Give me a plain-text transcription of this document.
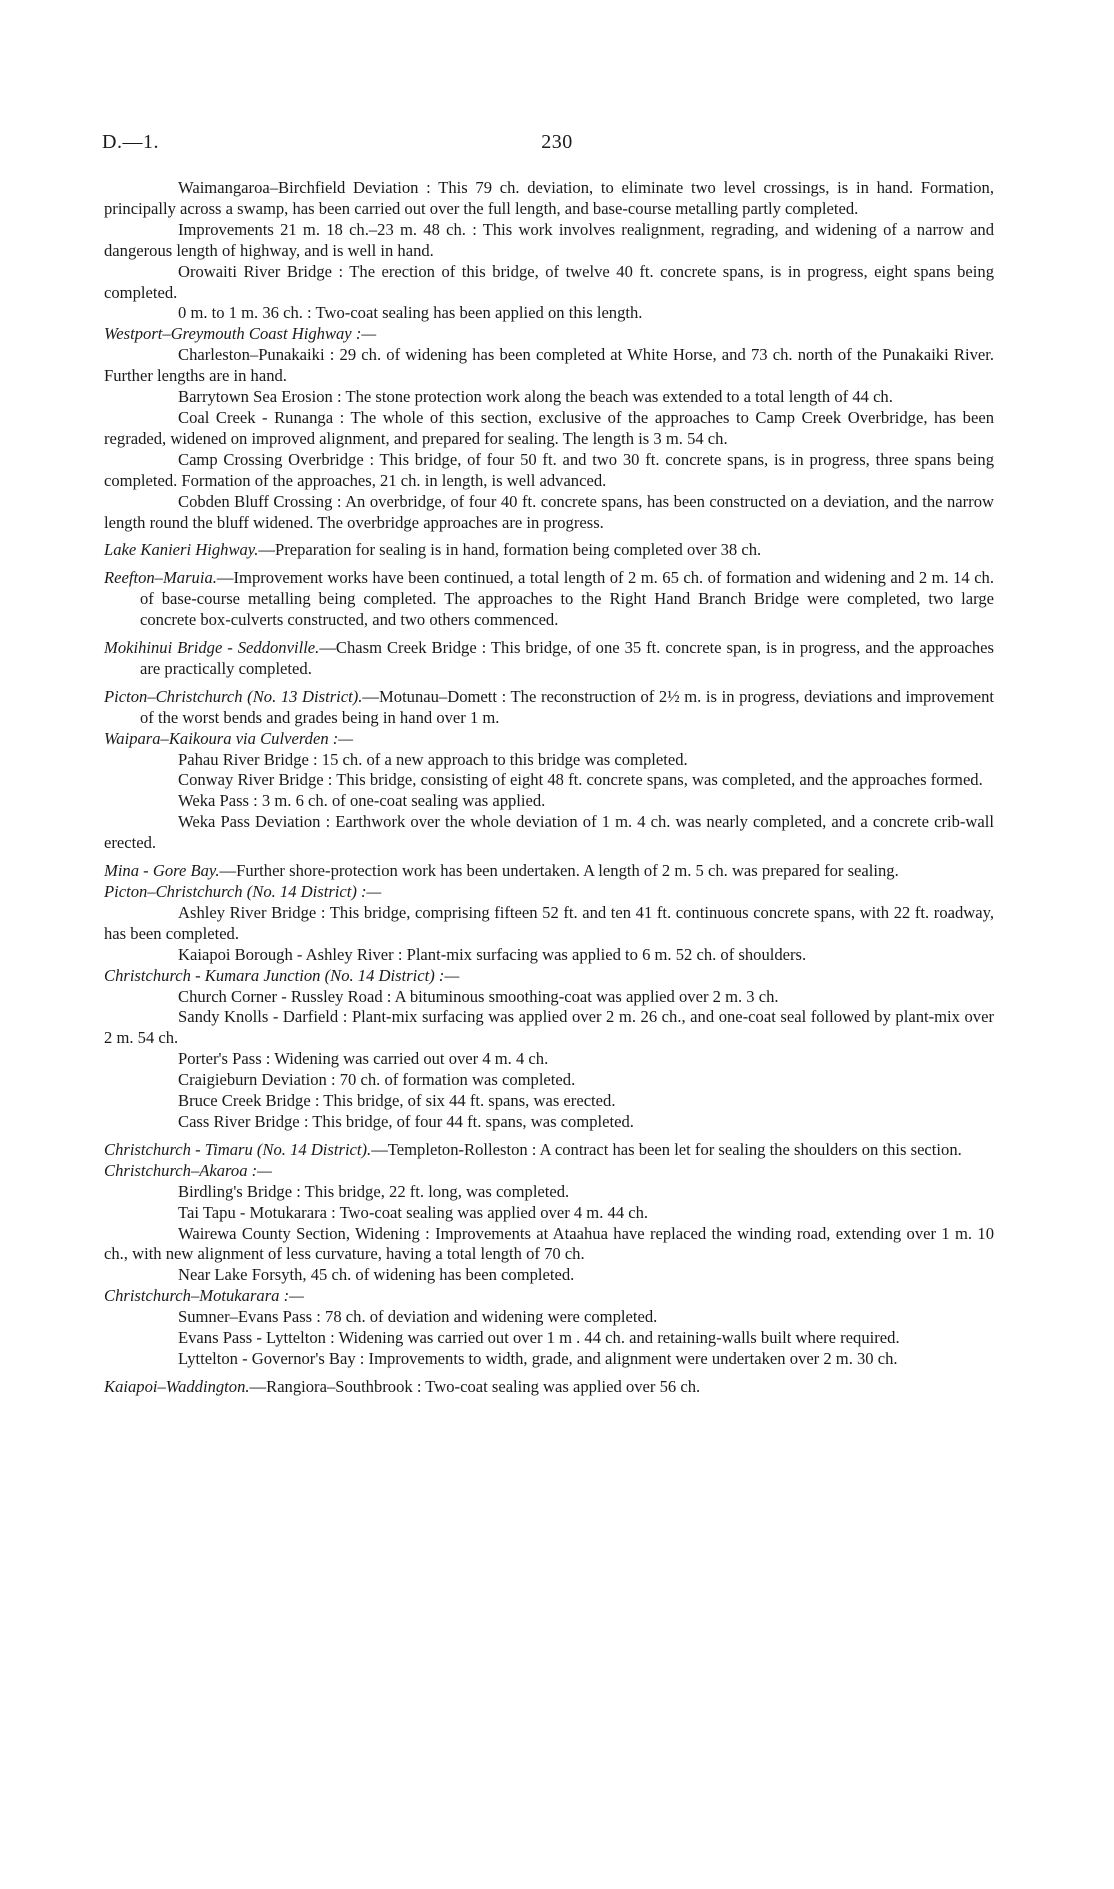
D.—1.	230

Waimangaroa–Birchfield Deviation : This 79 ch. deviation, to eliminate two level crossings, is in hand. Formation, principally across a swamp, has been carried out over the full length, and base-course metalling partly completed.

Improvements 21 m. 18 ch.–23 m. 48 ch. : This work involves realignment, regrading, and widening of a narrow and dangerous length of highway, and is well in hand.

Orowaiti River Bridge : The erection of this bridge, of twelve 40 ft. concrete spans, is in progress, eight spans being completed.

0 m. to 1 m. 36 ch. : Two-coat sealing has been applied on this length.

Westport–Greymouth Coast Highway :—

Charleston–Punakaiki : 29 ch. of widening has been completed at White Horse, and 73 ch. north of the Punakaiki River. Further lengths are in hand.

Barrytown Sea Erosion : The stone protection work along the beach was extended to a total length of 44 ch.

Coal Creek - Runanga : The whole of this section, exclusive of the approaches to Camp Creek Overbridge, has been regraded, widened on improved alignment, and prepared for sealing. The length is 3 m. 54 ch.

Camp Crossing Overbridge : This bridge, of four 50 ft. and two 30 ft. concrete spans, is in progress, three spans being completed. Formation of the approaches, 21 ch. in length, is well advanced.

Cobden Bluff Crossing : An overbridge, of four 40 ft. concrete spans, has been constructed on a deviation, and the narrow length round the bluff widened. The overbridge approaches are in progress.

Lake Kanieri Highway.—Preparation for sealing is in hand, formation being completed over 38 ch.

Reefton–Maruia.—Improvement works have been continued, a total length of 2 m. 65 ch. of formation and widening and 2 m. 14 ch. of base-course metalling being completed. The approaches to the Right Hand Branch Bridge were completed, two large concrete box-culverts constructed, and two others commenced.

Mokihinui Bridge - Seddonville.—Chasm Creek Bridge : This bridge, of one 35 ft. concrete span, is in progress, and the approaches are practically completed.

Picton–Christchurch (No. 13 District).—Motunau–Domett : The reconstruction of 2½ m. is in progress, deviations and improvement of the worst bends and grades being in hand over 1 m.

Waipara–Kaikoura via Culverden :—

Pahau River Bridge : 15 ch. of a new approach to this bridge was completed.

Conway River Bridge : This bridge, consisting of eight 48 ft. concrete spans, was completed, and the approaches formed.

Weka Pass : 3 m. 6 ch. of one-coat sealing was applied.

Weka Pass Deviation : Earthwork over the whole deviation of 1 m. 4 ch. was nearly completed, and a concrete crib-wall erected.

Mina - Gore Bay.—Further shore-protection work has been undertaken. A length of 2 m. 5 ch. was prepared for sealing.

Picton–Christchurch (No. 14 District) :—

Ashley River Bridge : This bridge, comprising fifteen 52 ft. and ten 41 ft. continuous concrete spans, with 22 ft. roadway, has been completed.

Kaiapoi Borough - Ashley River : Plant-mix surfacing was applied to 6 m. 52 ch. of shoulders.

Christchurch - Kumara Junction (No. 14 District) :—

Church Corner - Russley Road : A bituminous smoothing-coat was applied over 2 m. 3 ch.

Sandy Knolls - Darfield : Plant-mix surfacing was applied over 2 m. 26 ch., and one-coat seal followed by plant-mix over 2 m. 54 ch.

Porter's Pass : Widening was carried out over 4 m. 4 ch.

Craigieburn Deviation : 70 ch. of formation was completed.

Bruce Creek Bridge : This bridge, of six 44 ft. spans, was erected.

Cass River Bridge : This bridge, of four 44 ft. spans, was completed.

Christchurch - Timaru (No. 14 District).—Templeton-Rolleston : A contract has been let for sealing the shoulders on this section.

Christchurch–Akaroa :—

Birdling's Bridge : This bridge, 22 ft. long, was completed.

Tai Tapu - Motukarara : Two-coat sealing was applied over 4 m. 44 ch.

Wairewa County Section, Widening : Improvements at Ataahua have replaced the winding road, extending over 1 m. 10 ch., with new alignment of less curvature, having a total length of 70 ch.

Near Lake Forsyth, 45 ch. of widening has been completed.

Christchurch–Motukarara :—

Sumner–Evans Pass : 78 ch. of deviation and widening were completed.

Evans Pass - Lyttelton : Widening was carried out over 1 m . 44 ch. and retaining-walls built where required.

Lyttelton - Governor's Bay : Improvements to width, grade, and alignment were undertaken over 2 m. 30 ch.

Kaiapoi–Waddington.—Rangiora–Southbrook : Two-coat sealing was applied over 56 ch.
